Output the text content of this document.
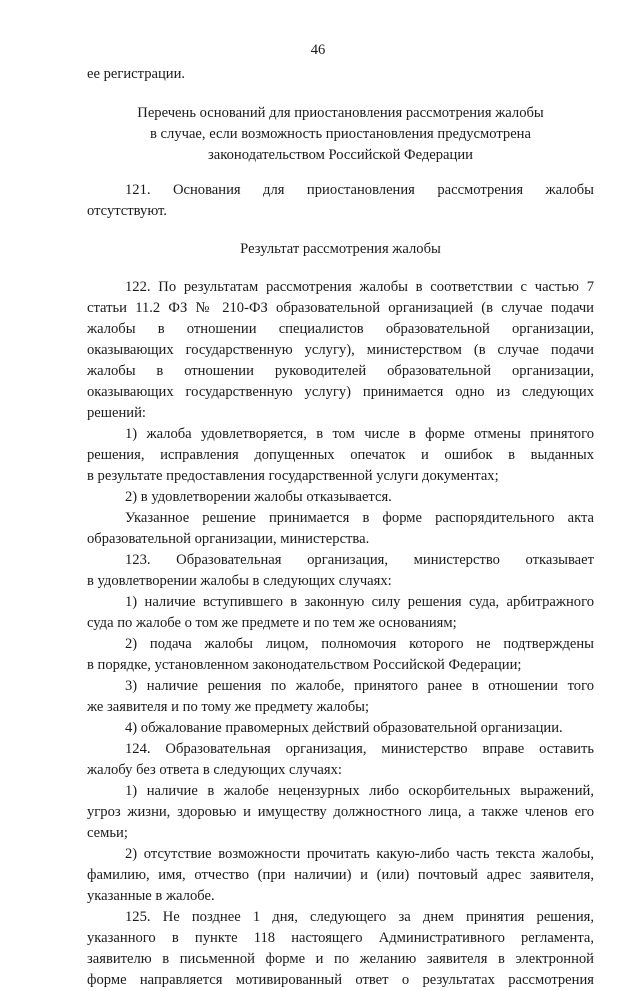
46

ее регистрации.

Перечень оснований для приостановления рассмотрения жалобы

в случае, если возможность приостановления предусмотрена

законодательством Российской Федерации

121. Основания для приостановления рассмотрения жалобы

отсутствуют.

Результат рассмотрения жалобы

122. По результатам рассмотрения жалобы в соответствии с частью 7

статьи 11.2 ФЗ № 210-ФЗ образовательной организацией (в случае подачи

жалобы в отношении специалистов образовательной организации,

оказывающих государственную услугу), министерством (в случае подачи

жалобы в отношении руководителей образовательной организации,

оказывающих государственную услугу) принимается одно из следующих

решений:

1) жалоба удовлетворяется, в том числе в форме отмены принятого

решения, исправления допущенных опечаток и ошибок в выданных

в результате предоставления государственной услуги документах;

2) в удовлетворении жалобы отказывается.

Указанное решение принимается в форме распорядительного акта

образовательной организации, министерства.

123. Образовательная организация, министерство отказывает

в удовлетворении жалобы в следующих случаях:

1) наличие вступившего в законную силу решения суда, арбитражного

суда по жалобе о том же предмете и по тем же основаниям;

2) подача жалобы лицом, полномочия которого не подтверждены

в порядке, установленном законодательством Российской Федерации;

3) наличие решения по жалобе, принятого ранее в отношении того

же заявителя и по тому же предмету жалобы;

4) обжалование правомерных действий образовательной организации.

124. Образовательная организация, министерство вправе оставить

жалобу без ответа в следующих случаях:

1) наличие в жалобе нецензурных либо оскорбительных выражений,

угроз жизни, здоровью и имуществу должностного лица, а также членов его

семьи;

2) отсутствие возможности прочитать какую-либо часть текста жалобы,

фамилию, имя, отчество (при наличии) и (или) почтовый адрес заявителя,

указанные в жалобе.

125. Не позднее 1 дня, следующего за днем принятия решения,

указанного в пункте 118 настоящего Административного регламента,

заявителю в письменной форме и по желанию заявителя в электронной

форме направляется мотивированный ответ о результатах рассмотрения
